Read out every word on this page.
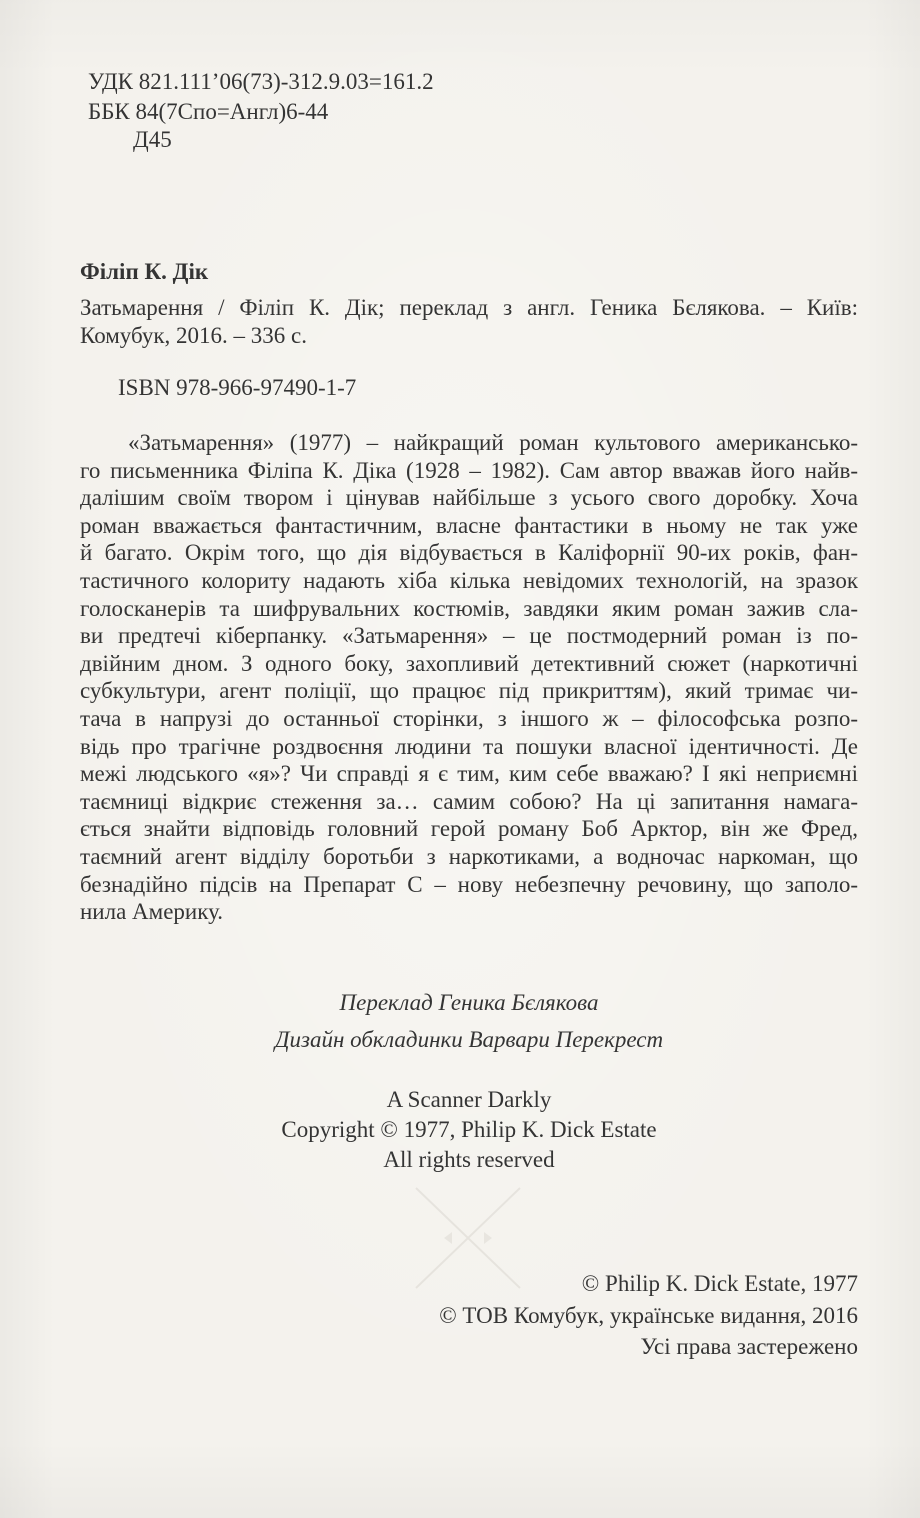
УДК 821.111’06(73)-312.9.03=161.2
ББК 84(7Спо=Англ)6-44
Д45
Філіп К. Дік
Затьмарення / Філіп К. Дік; переклад з англ. Геника Бєлякова. – Київ:
Комубук, 2016. – 336 с.
ISBN 978-966-97490-1-7
«Затьмарення» (1977) – найкращий роман культового американсько-
го письменника Філіпа К. Діка (1928 – 1982). Сам автор вважав його найв-
далішим своїм твором і цінував найбільше з усього свого доробку. Хоча
роман вважається фантастичним, власне фантастики в ньому не так уже
й багато. Окрім того, що дія відбувається в Каліфорнії 90-их років, фан-
тастичного колориту надають хіба кілька невідомих технологій, на зразок
голосканерів та шифрувальних костюмів, завдяки яким роман зажив сла-
ви предтечі кіберпанку. «Затьмарення» – це постмодерний роман із по-
двійним дном. З одного боку, захопливий детективний сюжет (наркотичні
субкультури, агент поліції, що працює під прикриттям), який тримає чи-
тача в напрузі до останньої сторінки, з іншого ж – філософська розпо-
відь про трагічне роздвоєння людини та пошуки власної ідентичності. Де
межі людського «я»? Чи справді я є тим, ким себе вважаю? І які неприємні
таємниці відкриє стеження за… самим собою? На ці запитання намага-
ється знайти відповідь головний герой роману Боб Арктор, він же Фред,
таємний агент відділу боротьби з наркотиками, а водночас наркоман, що
безнадійно підсів на Препарат С – нову небезпечну речовину, що заполо-
нила Америку.
Переклад Геника Бєлякова
Дизайн обкладинки Варвари Перекрест
A Scanner Darkly
Copyright © 1977, Philip K. Dick Estate
All rights reserved
© Philip K. Dick Estate, 1977
© ТОВ Комубук, українське видання, 2016
Усі права застережено
